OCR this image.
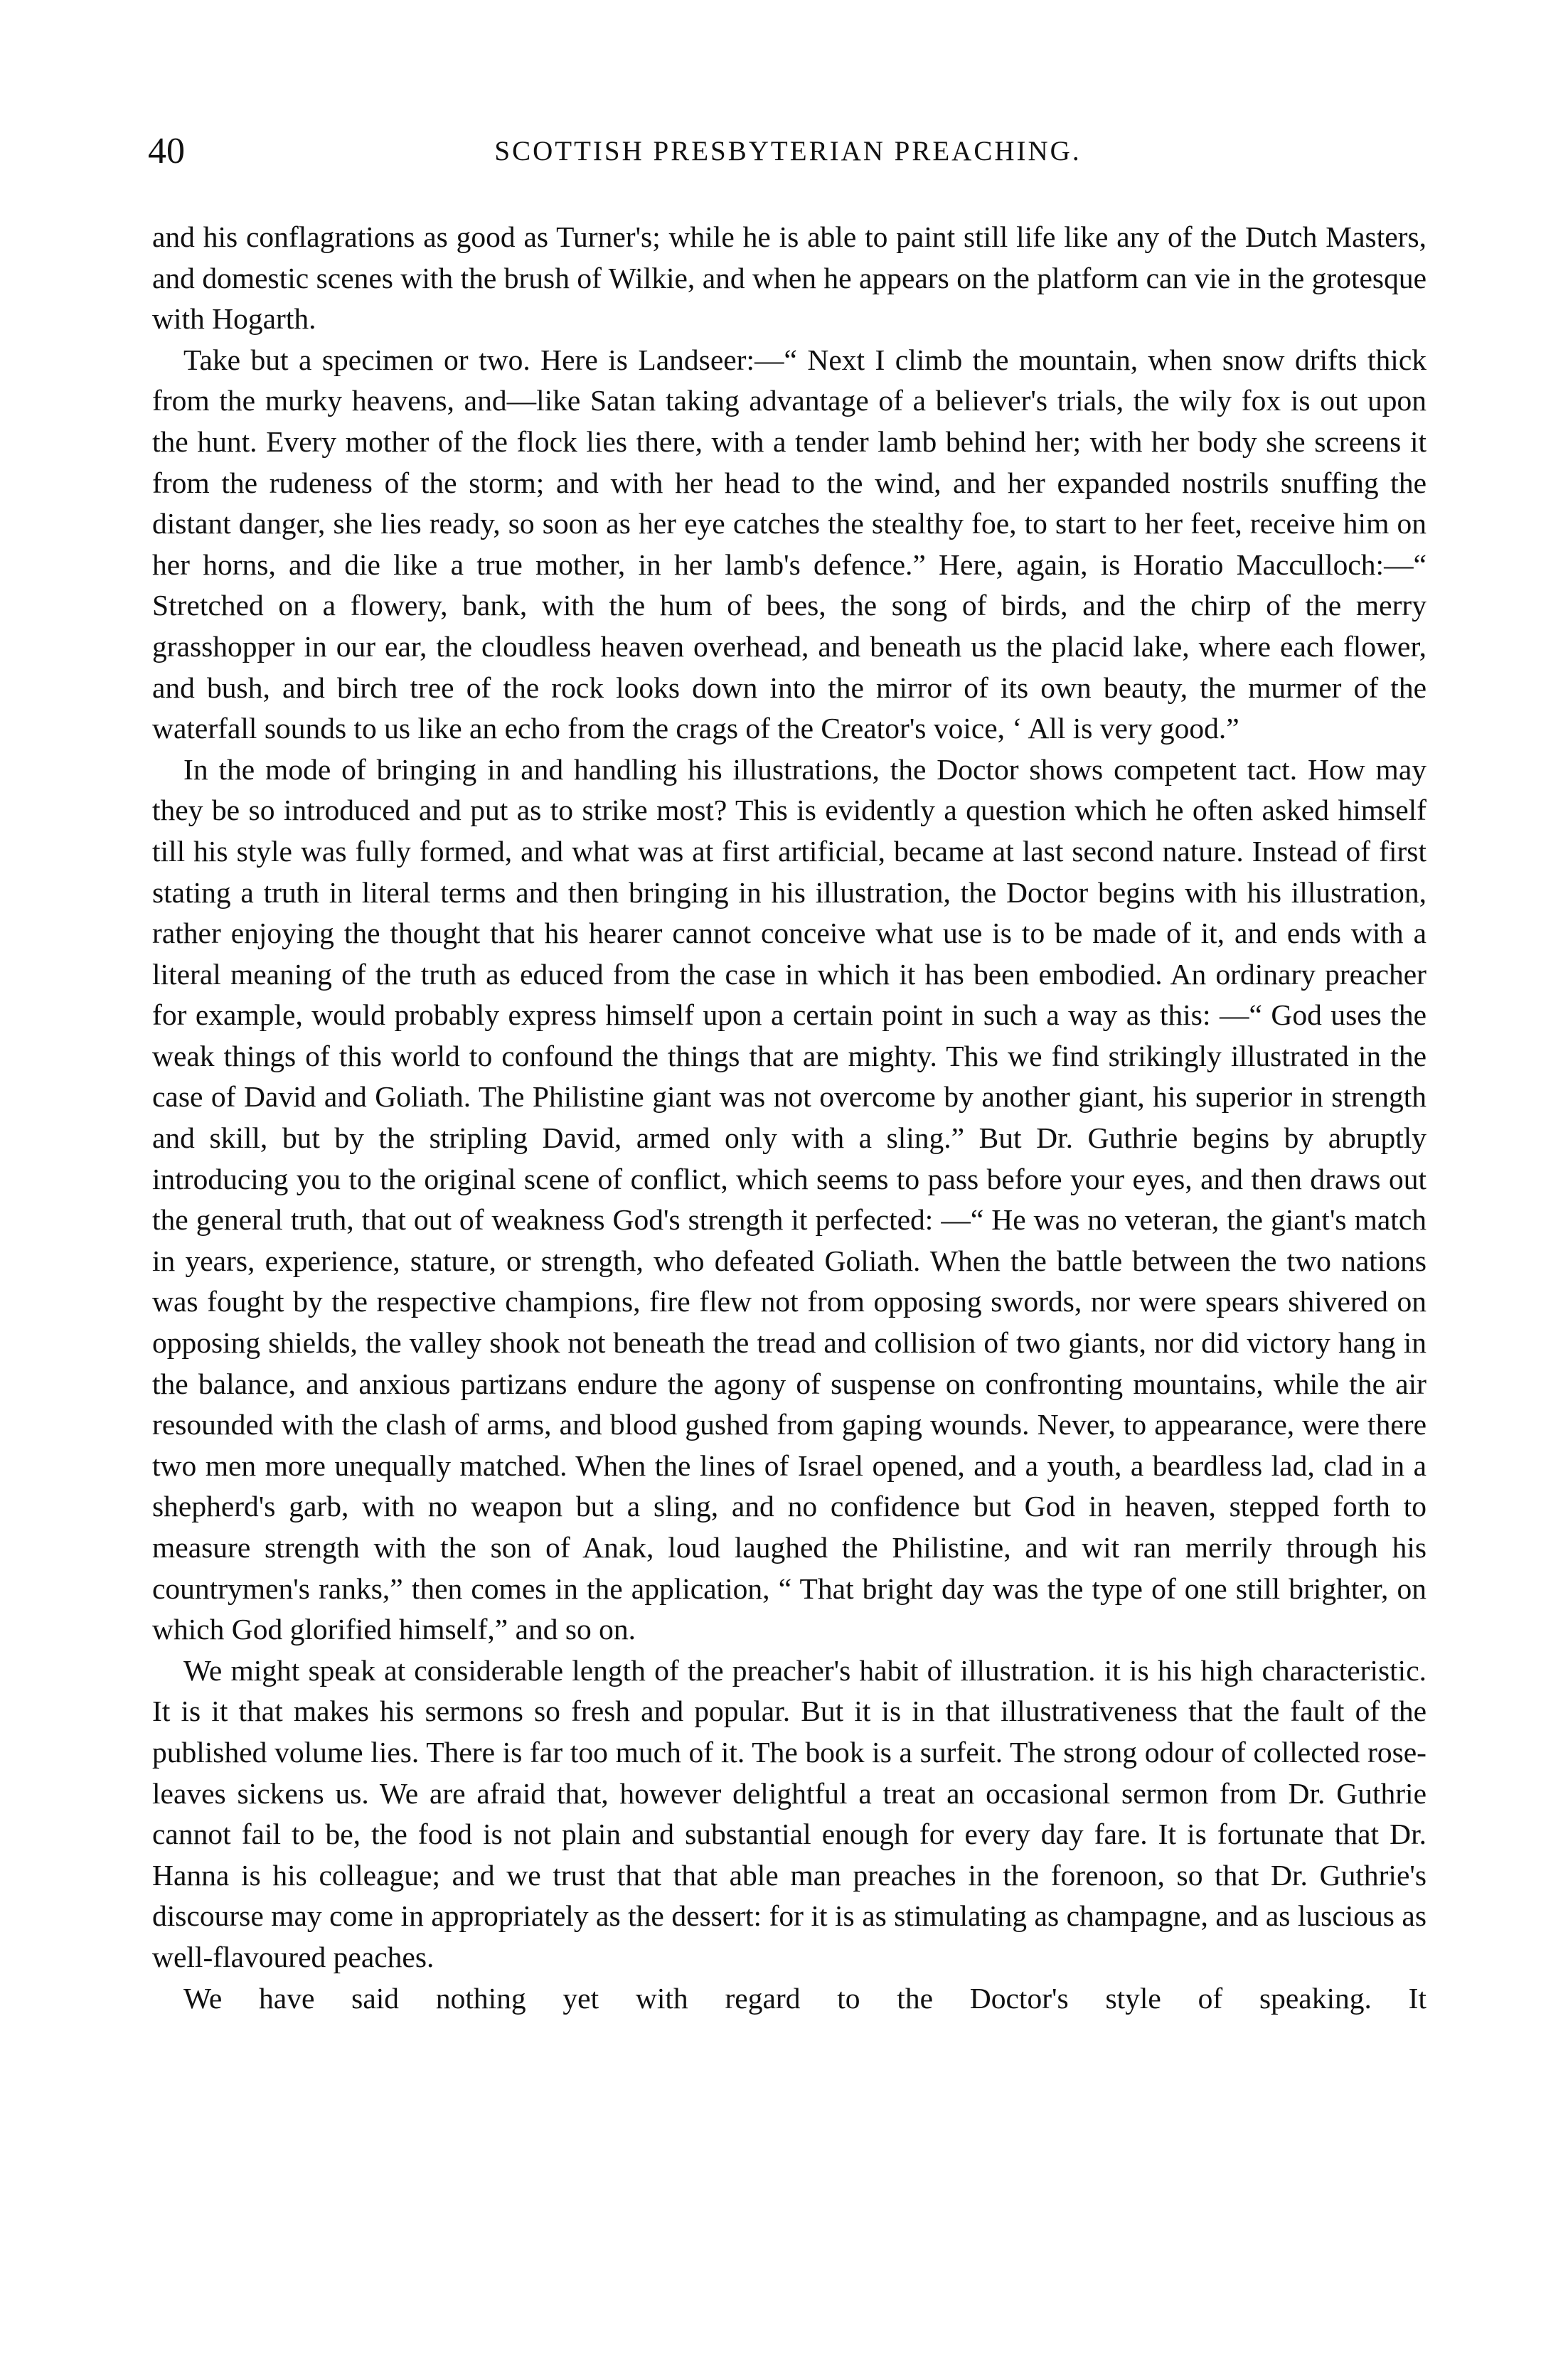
40	SCOTTISH PRESBYTERIAN PREACHING.

and his conflagrations as good as Turner's; while he is able to paint still life like any of the Dutch Masters, and domestic scenes with the brush of Wilkie, and when he appears on the platform can vie in the grotesque with Hogarth.

Take but a specimen or two. Here is Landseer:—“ Next I climb the mountain, when snow drifts thick from the murky heavens, and—like Satan taking advantage of a believer's trials, the wily fox is out upon the hunt. Every mother of the flock lies there, with a tender lamb behind her; with her body she screens it from the rudeness of the storm; and with her head to the wind, and her expanded nostrils snuffing the distant danger, she lies ready, so soon as her eye catches the stealthy foe, to start to her feet, receive him on her horns, and die like a true mother, in her lamb's defence.” Here, again, is Horatio Macculloch:—“ Stretched on a flowery, bank, with the hum of bees, the song of birds, and the chirp of the merry grasshopper in our ear, the cloudless heaven overhead, and beneath us the placid lake, where each flower, and bush, and birch tree of the rock looks down into the mirror of its own beauty, the murmer of the waterfall sounds to us like an echo from the crags of the Creator's voice, ‘ All is very good.”

In the mode of bringing in and handling his illustrations, the Doctor shows competent tact. How may they be so introduced and put as to strike most? This is evidently a question which he often asked himself till his style was fully formed, and what was at first artificial, became at last second nature. Instead of first stating a truth in literal terms and then bringing in his illustration, the Doctor begins with his illustration, rather enjoying the thought that his hearer cannot conceive what use is to be made of it, and ends with a literal meaning of the truth as educed from the case in which it has been embodied. An ordinary preacher for example, would probably express himself upon a certain point in such a way as this: —“ God uses the weak things of this world to confound the things that are mighty. This we find strikingly illustrated in the case of David and Goliath. The Philistine giant was not overcome by another giant, his superior in strength and skill, but by the stripling David, armed only with a sling.” But Dr. Guthrie begins by abruptly introducing you to the original scene of conflict, which seems to pass before your eyes, and then draws out the general truth, that out of weakness God's strength it perfected: —“ He was no veteran, the giant's match in years, experience, stature, or strength, who defeated Goliath. When the battle between the two nations was fought by the respective champions, fire flew not from opposing swords, nor were spears shivered on opposing shields, the valley shook not beneath the tread and collision of two giants, nor did victory hang in the balance, and anxious partizans endure the agony of suspense on confronting mountains, while the air resounded with the clash of arms, and blood gushed from gaping wounds. Never, to appearance, were there two men more unequally matched. When the lines of Israel opened, and a youth, a beardless lad, clad in a shepherd's garb, with no weapon but a sling, and no confidence but God in heaven, stepped forth to measure strength with the son of Anak, loud laughed the Philistine, and wit ran merrily through his countrymen's ranks,” then comes in the application, “ That bright day was the type of one still brighter, on which God glorified himself,” and so on.

We might speak at considerable length of the preacher's habit of illustration. it is his high characteristic. It is it that makes his sermons so fresh and popular. But it is in that illustrativeness that the fault of the published volume lies. There is far too much of it. The book is a surfeit. The strong odour of collected rose-leaves sickens us. We are afraid that, however delightful a treat an occasional sermon from Dr. Guthrie cannot fail to be, the food is not plain and substantial enough for every day fare. It is fortunate that Dr. Hanna is his colleague; and we trust that that able man preaches in the forenoon, so that Dr. Guthrie's discourse may come in appropriately as the dessert: for it is as stimulating as champagne, and as luscious as well-flavoured peaches.

We have said nothing yet with regard to the Doctor's style of speaking. It
